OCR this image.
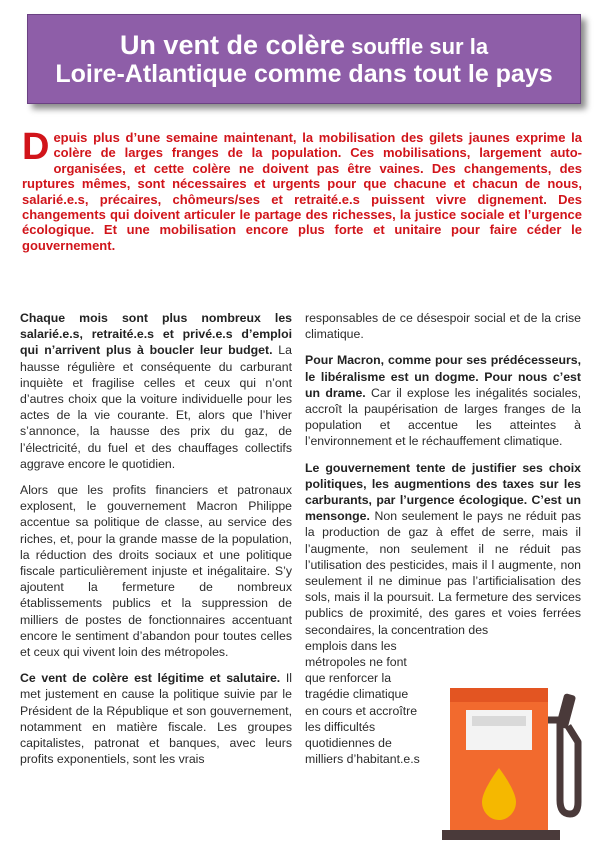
Un vent de colère souffle sur la
Loire-Atlantique comme dans tout le pays

Depuis plus d’une semaine maintenant, la mobilisation des gilets jaunes exprime la colère de larges franges de la population. Ces mobilisations, largement auto-organisées, et cette colère ne doivent pas être vaines. Des changements, des ruptures mêmes, sont nécessaires et urgents pour que chacune et chacun de nous, salarié.e.s, précaires, chômeurs/ses et retraité.e.s puissent vivre dignement. Des changements qui doivent articuler le partage des richesses, la justice sociale et l’urgence écologique. Et une mobilisation encore plus forte et unitaire pour faire céder le gouvernement.

Chaque mois sont plus nombreux les salarié.e.s, retraité.e.s et privé.e.s d’emploi qui n’arrivent plus à boucler leur budget. La hausse régulière et conséquente du carburant inquiète et fragilise celles et ceux qui n’ont d’autres choix que la voiture individuelle pour les actes de la vie courante. Et, alors que l’hiver s’annonce, la hausse des prix du gaz, de l’électricité, du fuel et des chauffages collectifs aggrave encore le quotidien.

Alors que les profits financiers et patronaux explosent, le gouvernement Macron Philippe accentue sa politique de classe, au service des riches, et, pour la grande masse de la population, la réduction des droits sociaux et une politique fiscale particulièrement injuste et inégalitaire. S’y ajoutent la fermeture de nombreux établissements publics et la suppression de milliers de postes de fonctionnaires accentuant encore le sentiment d’abandon pour toutes celles et ceux qui vivent loin des métropoles.

Ce vent de colère est légitime et salutaire. Il met justement en cause la politique suivie par le Président de la République et son gouvernement, notamment en matière fiscale. Les groupes capitalistes, patronat et banques, avec leurs profits exponentiels, sont les vrais

responsables de ce désespoir social et de la crise climatique.

Pour Macron, comme pour ses prédécesseurs, le libéralisme est un dogme. Pour nous c’est un drame. Car il explose les inégalités sociales, accroît la paupérisation de larges franges de la population et accentue les atteintes à l’environnement et le réchauffement climatique.

Le gouvernement tente de justifier ses choix politiques, les augmentions des taxes sur les carburants, par l’urgence écologique. C’est un mensonge. Non seulement le pays ne réduit pas la production de gaz à effet de serre, mais il l’augmente, non seulement il ne réduit pas l’utilisation des pesticides, mais il l augmente, non seulement il ne diminue pas l’artificialisation des sols, mais il la poursuit. La fermeture des services publics de proximité, des gares et voies ferrées secondaires, la concentration des

emplois dans les métropoles ne font que renforcer la tragédie climatique en cours et accroître les difficultés quotidiennes de milliers d’habitant.e.s
